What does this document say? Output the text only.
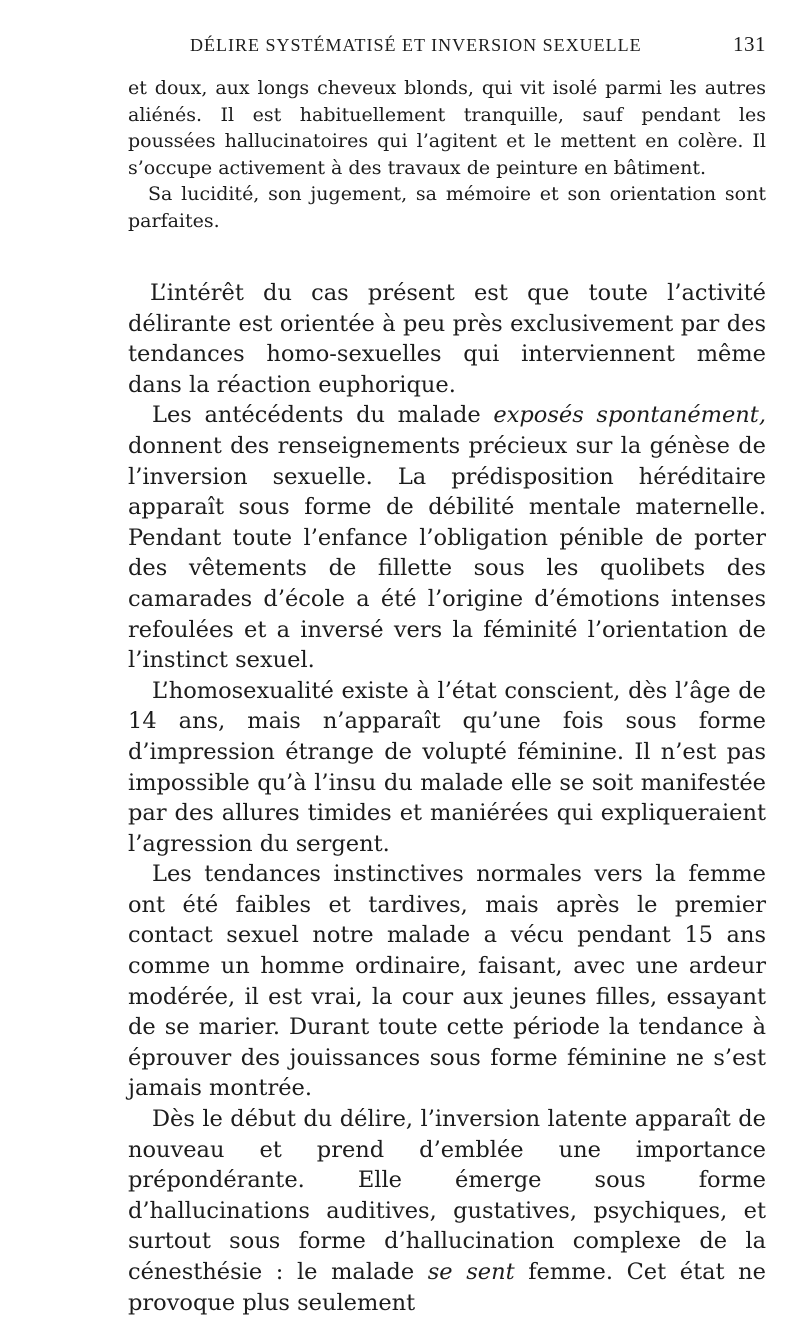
DÉLIRE SYSTÉMATISÉ ET INVERSION SEXUELLE	131

et doux, aux longs cheveux blonds, qui vit isolé parmi les autres aliénés. Il est habituellement tranquille, sauf pendant les poussées hallucinatoires qui l’agitent et le mettent en colère. Il s’occupe activement à des travaux de peinture en bâtiment.

Sa lucidité, son jugement, sa mémoire et son orientation sont parfaites.

L’intérêt du cas présent est que toute l’activité délirante est orientée à peu près exclusivement par des tendances homo-sexuelles qui interviennent même dans la réaction euphorique.

Les antécédents du malade exposés spontanément, donnent des renseignements précieux sur la génèse de l’inversion sexuelle. La prédisposition héréditaire apparaît sous forme de débilité mentale maternelle. Pendant toute l’enfance l’obligation pénible de porter des vêtements de fillette sous les quolibets des camarades d’école a été l’origine d’émotions intenses refoulées et a inversé vers la féminité l’orientation de l’instinct sexuel.

L’homosexualité existe à l’état conscient, dès l’âge de 14 ans, mais n’apparaît qu’une fois sous forme d’impression étrange de volupté féminine. Il n’est pas impossible qu’à l’insu du malade elle se soit manifestée par des allures timides et maniérées qui expliqueraient l’agression du sergent.

Les tendances instinctives normales vers la femme ont été faibles et tardives, mais après le premier contact sexuel notre malade a vécu pendant 15 ans comme un homme ordinaire, faisant, avec une ardeur modérée, il est vrai, la cour aux jeunes filles, essayant de se marier. Durant toute cette période la tendance à éprouver des jouissances sous forme féminine ne s’est jamais montrée.

Dès le début du délire, l’inversion latente apparaît de nouveau et prend d’emblée une importance prépondérante. Elle émerge sous forme d’hallucinations auditives, gustatives, psychiques, et surtout sous forme d’hallucination complexe de la cénesthésie : le malade se sent femme. Cet état ne provoque plus seulement
